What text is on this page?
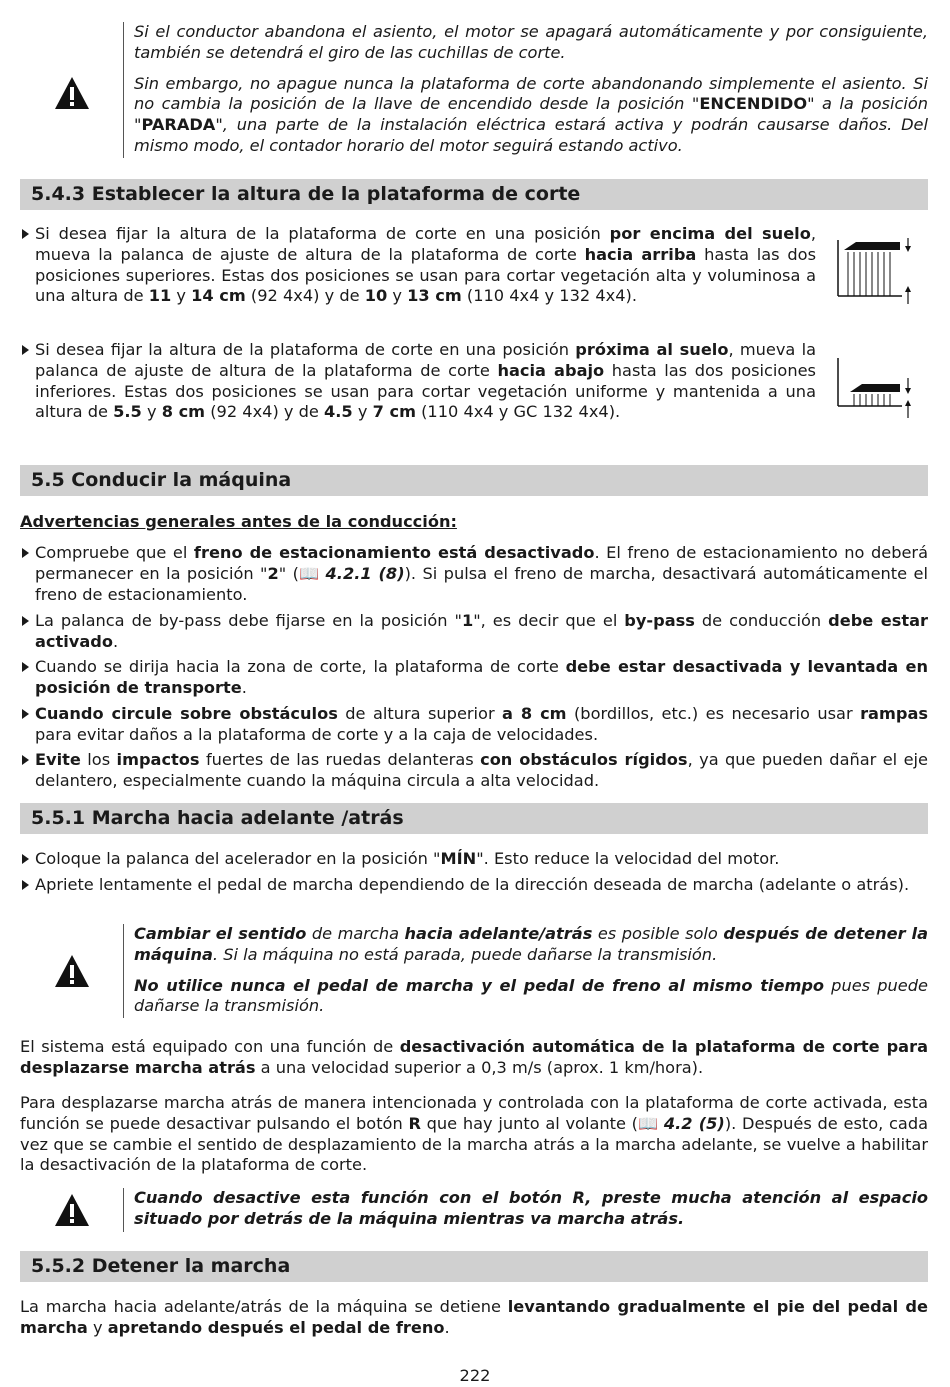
Si el conductor abandona el asiento, el motor se apagará automáticamente y por consiguiente, también se detendrá el giro de las cuchillas de corte.

Sin embargo, no apague nunca la plataforma de corte abandonando simplemente el asiento. Si no cambia la posición de la llave de encendido desde la posición "ENCENDIDO" a la posición "PARADA", una parte de la instalación eléctrica estará activa y podrán causarse daños. Del mismo modo, el contador horario del motor seguirá estando activo.

5.4.3 Establecer la altura de la plataforma de corte
Si desea fijar la altura de la plataforma de corte en una posición por encima del suelo, mueva la palanca de ajuste de altura de la plataforma de corte hacia arriba hasta las dos posiciones superiores. Estas dos posiciones se usan para cortar vegetación alta y voluminosa a una altura de 11 y 14 cm (92 4x4) y de 10 y 13 cm (110 4x4 y 132 4x4).
Si desea fijar la altura de la plataforma de corte en una posición próxima al suelo, mueva la palanca de ajuste de altura de la plataforma de corte hacia abajo hasta las dos posiciones inferiores. Estas dos posiciones se usan para cortar vegetación uniforme y mantenida a una altura de 5.5 y 8 cm (92 4x4) y de 4.5 y 7 cm (110 4x4 y GC 132 4x4).
5.5 Conducir la máquina
Advertencias generales antes de la conducción:
Compruebe que el freno de estacionamiento está desactivado. El freno de estacionamiento no deberá permanecer en la posición "2" (📖 4.2.1 (8)). Si pulsa el freno de marcha, desactivará automáticamente el freno de estacionamiento.
La palanca de by-pass debe fijarse en la posición "1", es decir que el by-pass de conducción debe estar activado.
Cuando se dirija hacia la zona de corte, la plataforma de corte debe estar desactivada y levantada en posición de transporte.
Cuando circule sobre obstáculos de altura superior a 8 cm (bordillos, etc.) es necesario usar rampas para evitar daños a la plataforma de corte y a la caja de velocidades.
Evite los impactos fuertes de las ruedas delanteras con obstáculos rígidos, ya que pueden dañar el eje delantero, especialmente cuando la máquina circula a alta velocidad.
5.5.1 Marcha hacia adelante /atrás
Coloque la palanca del acelerador en la posición "MÍN". Esto reduce la velocidad del motor.
Apriete lentamente el pedal de marcha dependiendo de la dirección deseada de marcha (adelante o atrás).

Cambiar el sentido de marcha hacia adelante/atrás es posible solo después de detener la máquina. Si la máquina no está parada, puede dañarse la transmisión.

No utilice nunca el pedal de marcha y el pedal de freno al mismo tiempo pues puede dañarse la transmisión.

El sistema está equipado con una función de desactivación automática de la plataforma de corte para desplazarse marcha atrás a una velocidad superior a 0,3 m/s (aprox. 1 km/hora).
Para desplazarse marcha atrás de manera intencionada y controlada con la plataforma de corte activada, esta función se puede desactivar pulsando el botón R que hay junto al volante (📖 4.2 (5)). Después de esto, cada vez que se cambie el sentido de desplazamiento de la marcha atrás a la marcha adelante, se vuelve a habilitar la desactivación de la plataforma de corte.

Cuando desactive esta función con el botón R, preste mucha atención al espacio situado por detrás de la máquina mientras va marcha atrás.

5.5.2 Detener la marcha
La marcha hacia adelante/atrás de la máquina se detiene levantando gradualmente el pie del pedal de marcha y apretando después el pedal de freno.
222
